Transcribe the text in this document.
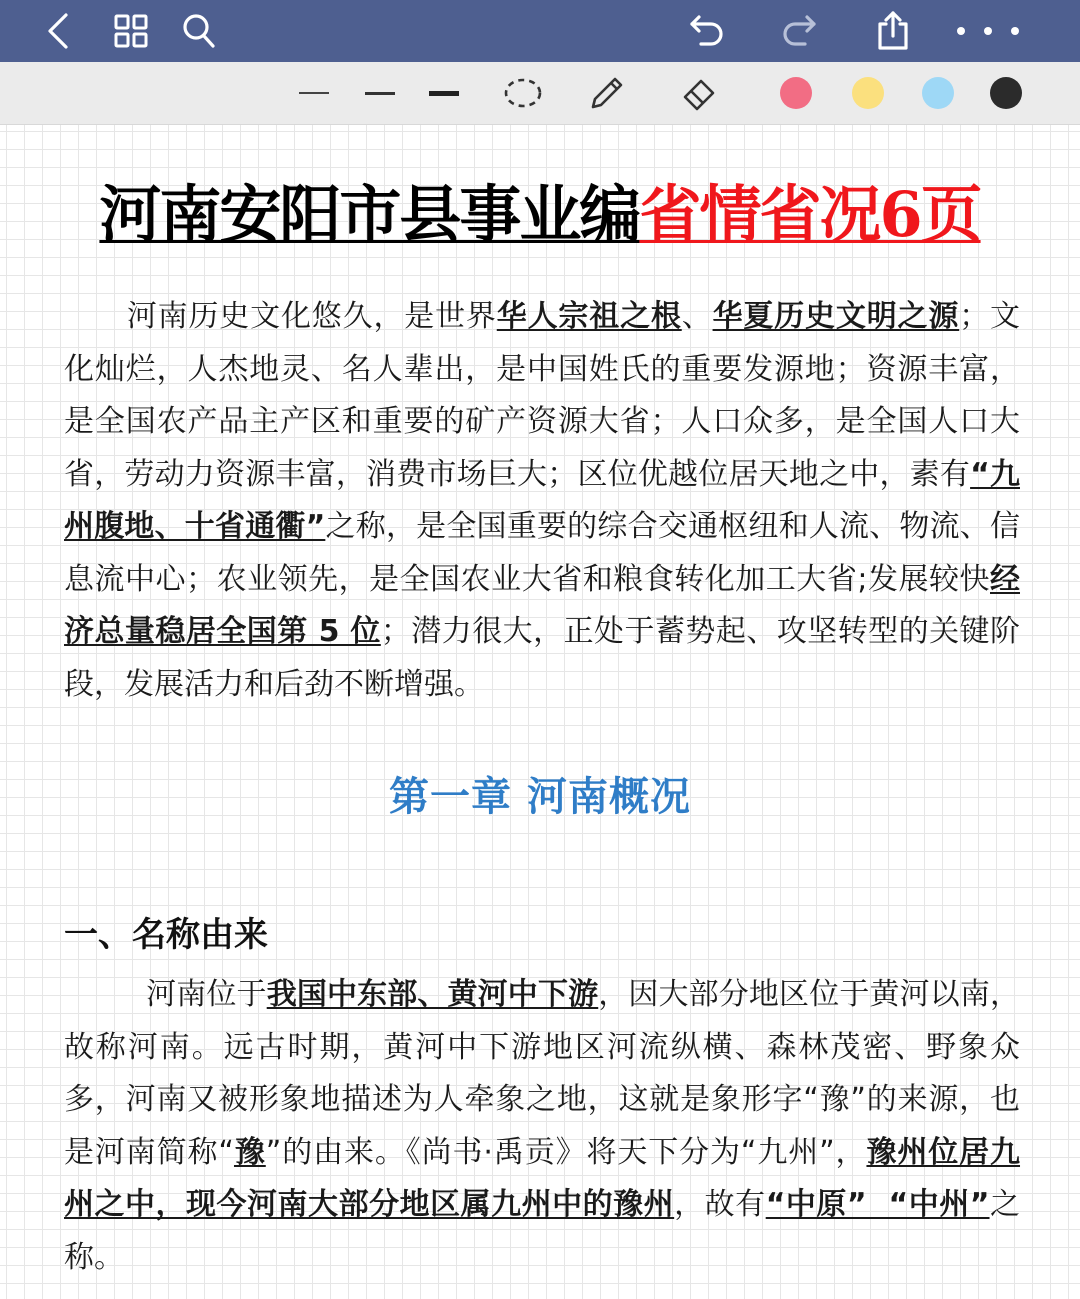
河南安阳市县事业编省情省况6页
河南历史文化悠久，是世界华人宗祖之根、华夏历史文明之源；文化灿烂，人杰地灵、名人辈出，是中国姓氏的重要发源地；资源丰富，是全国农产品主产区和重要的矿产资源大省；人口众多，是全国人口大省，劳动力资源丰富，消费市场巨大；区位优越位居天地之中，素有“九州腹地、十省通衢”之称，是全国重要的综合交通枢纽和人流、物流、信息流中心；农业领先，是全国农业大省和粮食转化加工大省;发展较快经济总量稳居全国第 5 位；潜力很大，正处于蓄势起、攻坚转型的关键阶段，发展活力和后劲不断增强。
第一章 河南概况
一、名称由来
河南位于我国中东部、黄河中下游，因大部分地区位于黄河以南，故称河南。远古时期，黄河中下游地区河流纵横、森林茂密、野象众多，河南又被形象地描述为人牵象之地，这就是象形字“豫”的来源，也是河南简称“豫”的由来。《尚书·禹贡》将天下分为“九州”，豫州位居九州之中，现今河南大部分地区属九州中的豫州，故有“中原”  “中州”之称。
